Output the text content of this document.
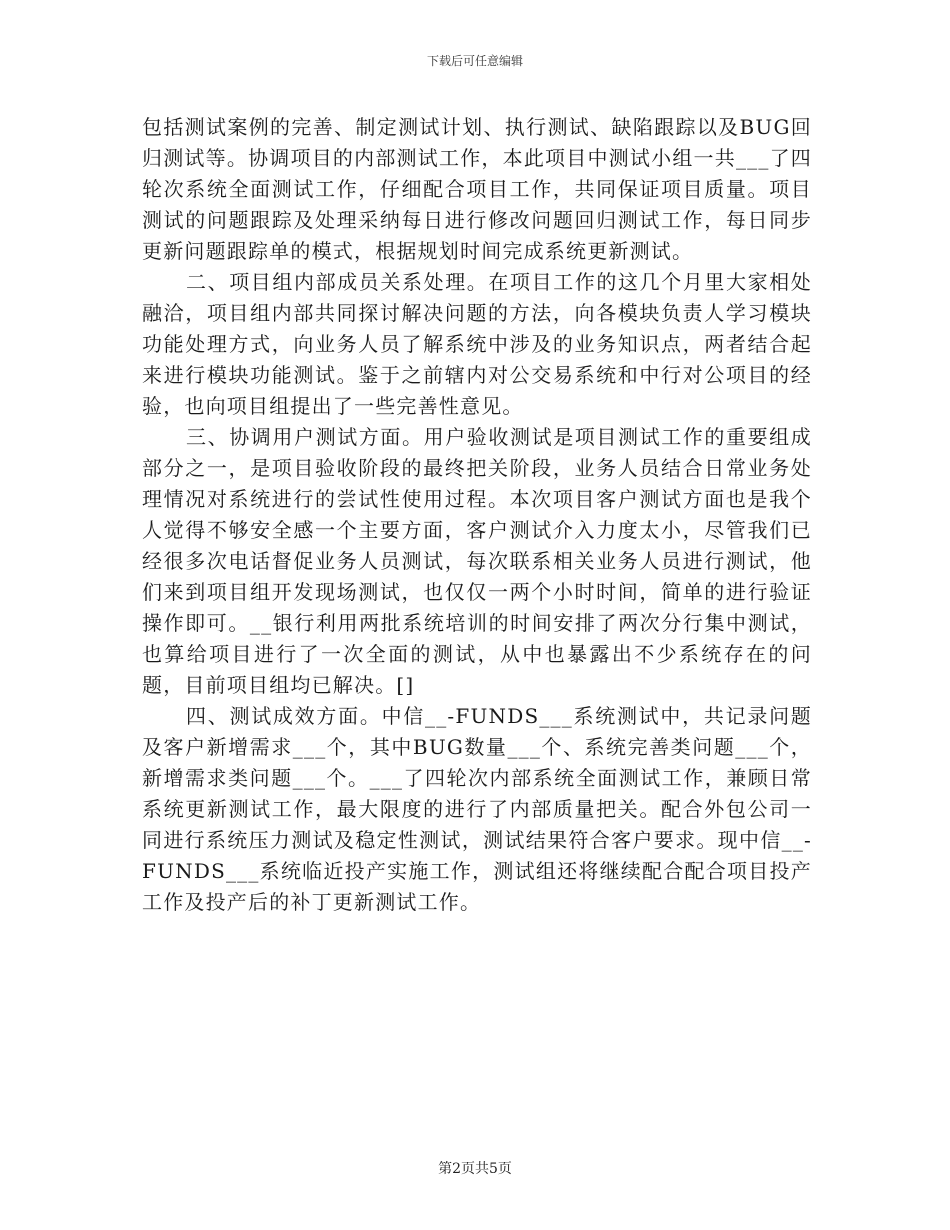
下载后可任意编辑

包括测试案例的完善、制定测试计划、执行测试、缺陷跟踪以及BUG回归测试等。协调项目的内部测试工作，本此项目中测试小组一共___了四轮次系统全面测试工作，仔细配合项目工作，共同保证项目质量。项目测试的问题跟踪及处理采纳每日进行修改问题回归测试工作，每日同步更新问题跟踪单的模式，根据规划时间完成系统更新测试。

二、项目组内部成员关系处理。在项目工作的这几个月里大家相处融洽，项目组内部共同探讨解决问题的方法，向各模块负责人学习模块功能处理方式，向业务人员了解系统中涉及的业务知识点，两者结合起来进行模块功能测试。鉴于之前辖内对公交易系统和中行对公项目的经验，也向项目组提出了一些完善性意见。

三、协调用户测试方面。用户验收测试是项目测试工作的重要组成部分之一，是项目验收阶段的最终把关阶段，业务人员结合日常业务处理情况对系统进行的尝试性使用过程。本次项目客户测试方面也是我个人觉得不够安全感一个主要方面，客户测试介入力度太小，尽管我们已经很多次电话督促业务人员测试，每次联系相关业务人员进行测试，他们来到项目组开发现场测试，也仅仅一两个小时时间，简单的进行验证操作即可。__银行利用两批系统培训的时间安排了两次分行集中测试，也算给项目进行了一次全面的测试，从中也暴露出不少系统存在的问题，目前项目组均已解决。[]

四、测试成效方面。中信__-FUNDS___系统测试中，共记录问题及客户新增需求___个，其中BUG数量___个、系统完善类问题___个，新增需求类问题___个。___了四轮次内部系统全面测试工作，兼顾日常系统更新测试工作，最大限度的进行了内部质量把关。配合外包公司一同进行系统压力测试及稳定性测试，测试结果符合客户要求。现中信__-FUNDS___系统临近投产实施工作，测试组还将继续配合配合项目投产工作及投产后的补丁更新测试工作。

第2页共5页
